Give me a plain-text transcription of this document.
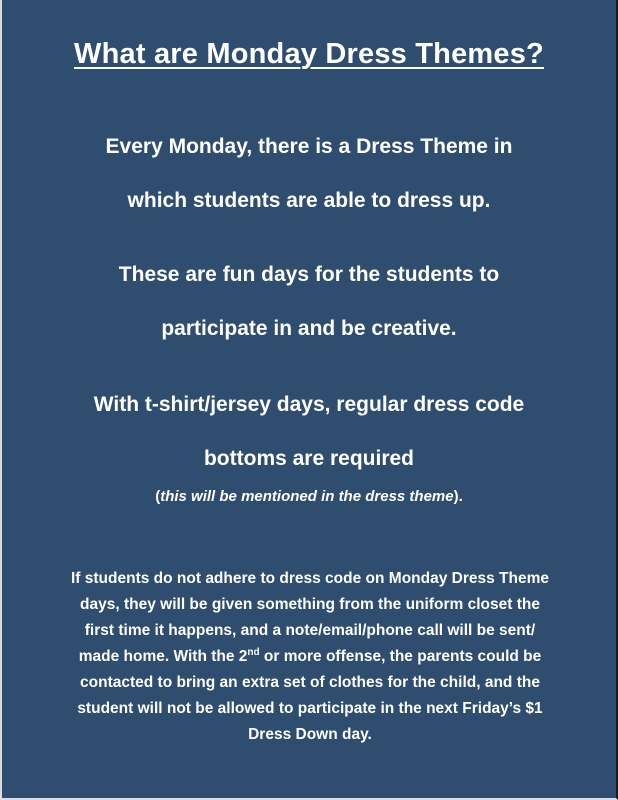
What are Monday Dress Themes?
Every Monday, there is a Dress Theme in
which students are able to dress up.
These are fun days for the students to
participate in and be creative.
With t-shirt/jersey days, regular dress code
bottoms are required
(this will be mentioned in the dress theme).
If students do not adhere to dress code on Monday Dress Theme
days, they will be given something from the uniform closet the
first time it happens, and a note/email/phone call will be sent/
made home. With the 2nd or more offense, the parents could be
contacted to bring an extra set of clothes for the child, and the
student will not be allowed to participate in the next Friday’s $1
Dress Down day.
